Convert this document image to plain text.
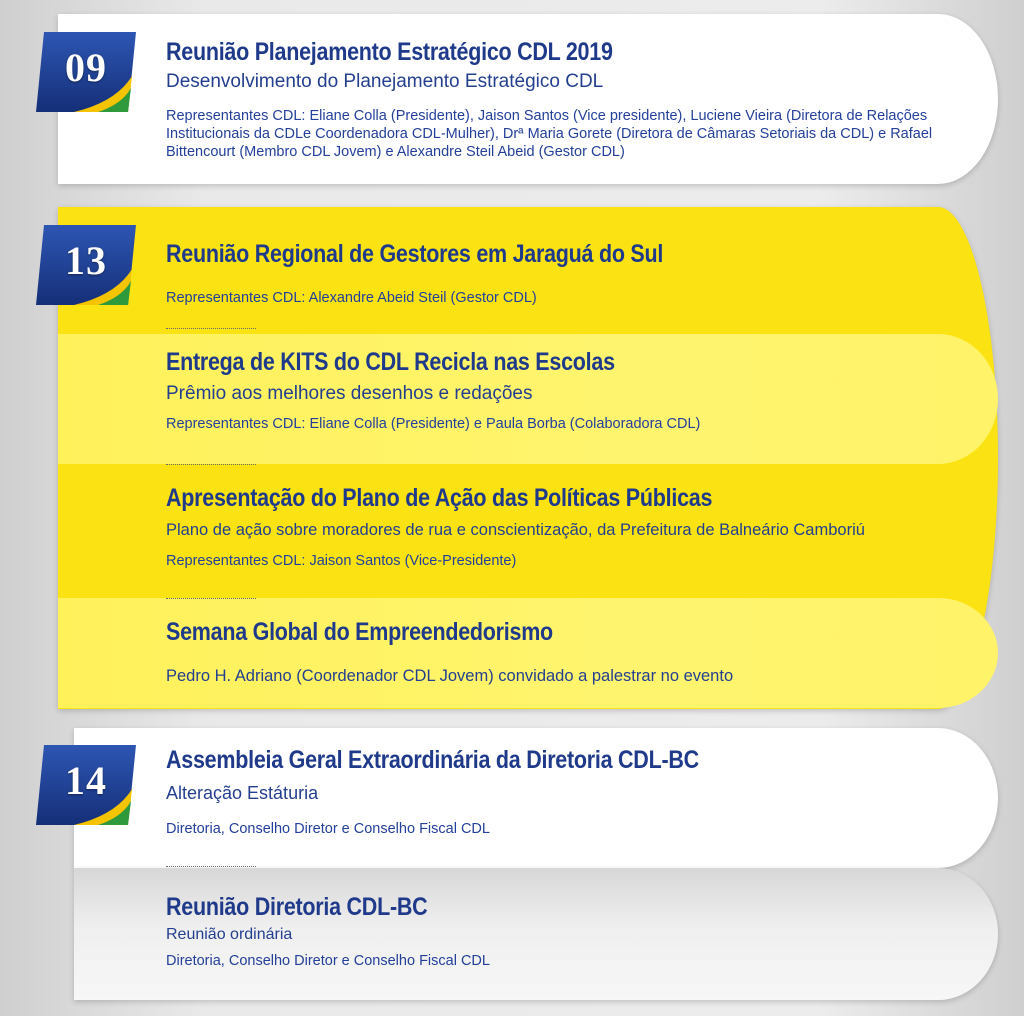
09	Reunião Planejamento Estratégico CDL 2019

Desenvolvimento do Planejamento Estratégico CDL

Representantes CDL: Eliane Colla (Presidente), Jaison Santos (Vice presidente), Luciene Vieira (Diretora de Relações Institucionais da CDLe Coordenadora CDL-Mulher), Drª Maria Gorete (Diretora de Câmaras Setoriais da CDL) e Rafael Bittencourt (Membro CDL Jovem) e Alexandre Steil Abeid (Gestor CDL)

13	Reunião Regional de Gestores em Jaraguá do Sul

Representantes CDL: Alexandre Abeid Steil (Gestor CDL)

Entrega de KITS do CDL Recicla nas Escolas

Prêmio aos melhores desenhos e redações

Representantes CDL: Eliane Colla (Presidente) e Paula Borba (Colaboradora CDL)

Apresentação do Plano de Ação das Políticas Públicas

Plano de ação sobre moradores de rua e conscientização, da Prefeitura de Balneário Camboriú

Representantes CDL: Jaison Santos (Vice-Presidente)

Semana Global do Empreendedorismo

Pedro H. Adriano (Coordenador CDL Jovem) convidado a palestrar no evento

14	Assembleia Geral Extraordinária da Diretoria CDL-BC

Alteração Estáturia

Diretoria, Conselho Diretor e Conselho Fiscal CDL

Reunião Diretoria CDL-BC

Reunião ordinária

Diretoria, Conselho Diretor e Conselho Fiscal CDL
